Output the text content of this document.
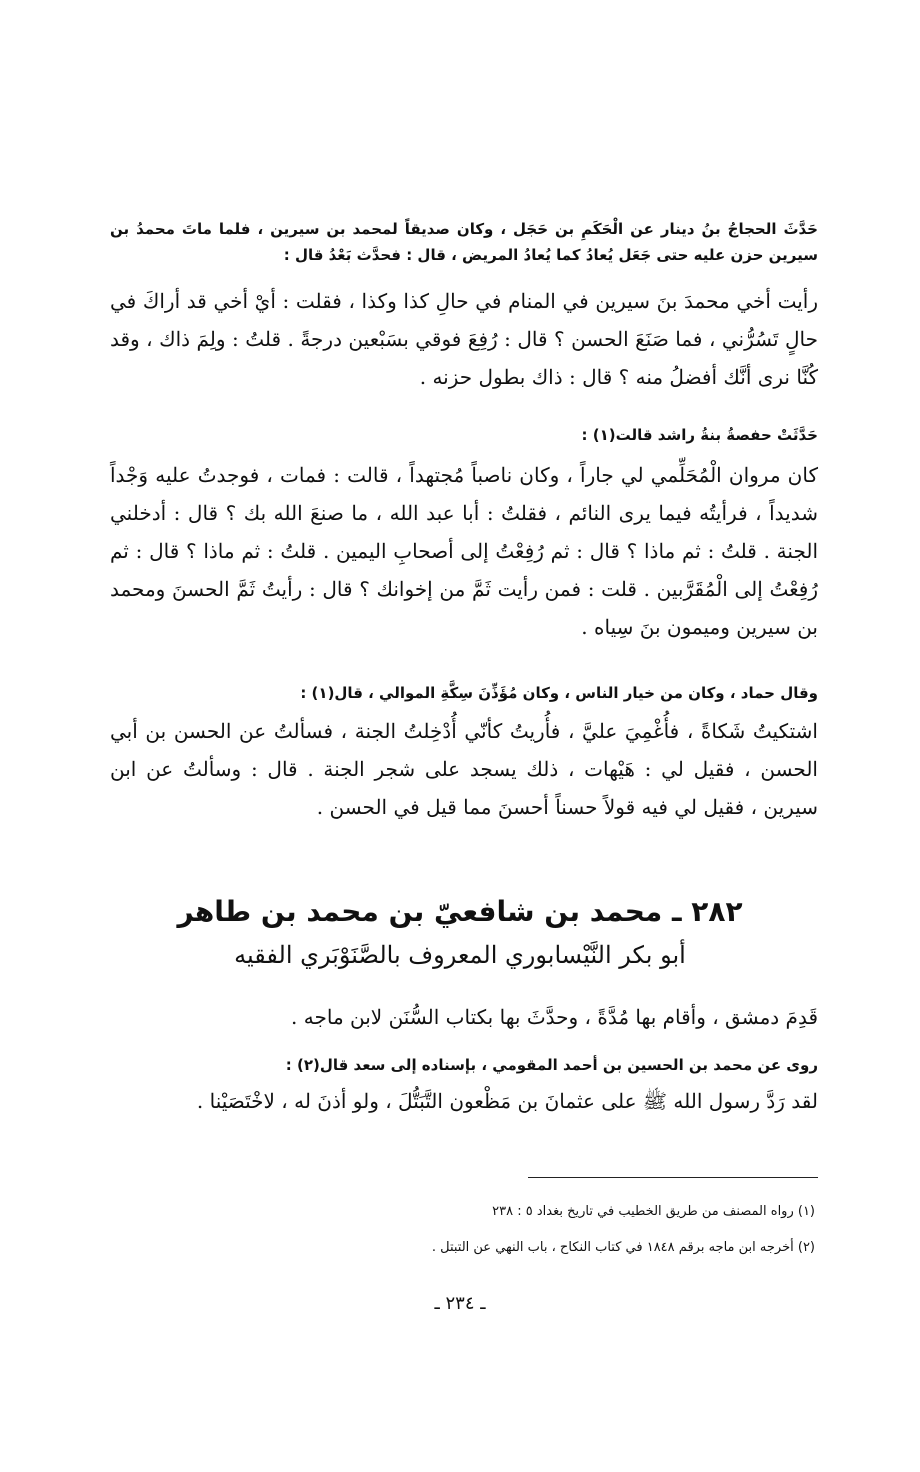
حَدَّثَ الحجاجُ بنُ دينار عن الْحَكَمِ بن حَجَل ، وكان صديقاً لمحمد بن سيرين ، فلما ماتَ محمدُ بن سيرين حزن عليه حتى جَعَل يُعادُ كما يُعادُ المريض ، قال : فحدَّث بَعْدُ قال :
رأيت أخي محمدَ بنَ سيرين في المنام في حالِ كذا وكذا ، فقلت : أيْ أخي قد أراكَ في حالٍ تَسُرُّني ، فما صَنَعَ الحسن ؟ قال : رُفِعَ فوقي بسَبْعين درجةً . قلتُ : ولِمَ ذاك ، وقد كُنَّا نرى أنَّك أفضلُ منه ؟ قال : ذاك بطول حزنه .
حَدَّثَتْ حفصةُ بنةُ راشد قالت(١) :
كان مروان الْمُحَلِّمي لي جاراً ، وكان ناصباً مُجتهداً ، قالت : فمات ، فوجدتُ عليه وَجْداً شديداً ، فرأيتُه فيما يرى النائم ، فقلتُ : أبا عبد الله ، ما صنعَ الله بك ؟ قال : أدخلني الجنة . قلتُ : ثم ماذا ؟ قال : ثم رُفِعْتُ إلى أصحابِ اليمين . قلتُ : ثم ماذا ؟ قال : ثم رُفِعْتُ إلى الْمُقَرَّبين . قلت : فمن رأيت ثَمَّ من إخوانك ؟ قال : رأيتُ ثَمَّ الحسنَ ومحمد بن سيرين وميمون بنَ سِياه .
وقال حماد ، وكان من خيار الناس ، وكان مُؤَذِّنَ سِكَّةِ الموالي ، قال(١) :
اشتكيتُ شَكاةً ، فأُغْمِيَ عليَّ ، فأُريتُ كأنّي أُدْخِلتُ الجنة ، فسألتُ عن الحسن بن أبي الحسن ، فقيل لي : هَيْهات ، ذلك يسجد على شجر الجنة . قال : وسألتُ عن ابن سيرين ، فقيل لي فيه قولاً حسناً أحسنَ مما قيل في الحسن .
٢٨٢ ـ محمد بن شافعيّ بن محمد بن طاهر
أبو بكر النَّيْسابوري المعروف بالصَّنَوْبَري الفقيه
قَدِمَ دمشق ، وأقام بها مُدَّةً ، وحدَّثَ بها بكتاب السُّنَن لابن ماجه .
روى عن محمد بن الحسين بن أحمد المقومي ، بإسناده إلى سعد قال(٢) :
لقد رَدَّ رسول الله ﷺ على عثمانَ بن مَظْعون التَّبَتُّلَ ، ولو أذنَ له ، لاخْتَصَيْنا .
(١) رواه المصنف من طريق الخطيب في تاريخ بغداد ٥ : ٢٣٨
(٢) أخرجه ابن ماجه برقم ١٨٤٨ في كتاب النكاح ، باب النهي عن التبتل .
ـ ٢٣٤ ـ
